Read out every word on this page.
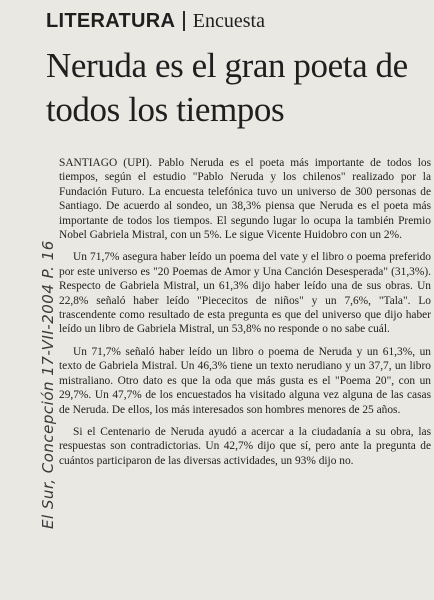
LITERATURA Encuesta
Neruda es el gran poeta de todos los tiempos

SANTIAGO (UPI). Pablo Neruda es el poeta más importante de todos los tiempos, según el estudio "Pablo Neruda y los chilenos" realizado por la Fundación Futuro. La encuesta telefónica tuvo un universo de 300 personas de Santiago. De acuerdo al sondeo, un 38,3% piensa que Neruda es el poeta más importante de todos los tiempos. El segundo lugar lo ocupa la también Premio Nobel Gabriela Mistral, con un 5%. Le sigue Vicente Huidobro con un 2%.

Un 71,7% asegura haber leído un poema del vate y el libro o poema preferido por este universo es "20 Poemas de Amor y Una Canción Desesperada" (31,3%). Respecto de Gabriela Mistral, un 61,3% dijo haber leído una de sus obras. Un 22,8% señaló haber leído "Piececitos de niños" y un 7,6%, "Tala". Lo trascendente como resultado de esta pregunta es que del universo que dijo haber leído un libro de Gabriela Mistral, un 53,8% no responde o no sabe cuál.

Un 71,7% señaló haber leído un libro o poema de Neruda y un 61,3%, un texto de Gabriela Mistral. Un 46,3% tiene un texto nerudiano y un 37,7, un libro mistraliano. Otro dato es que la oda que más gusta es el "Poema 20", con un 29,7%. Un 47,7% de los encuestados ha visitado alguna vez alguna de las casas de Neruda. De ellos, los más interesados son hombres menores de 25 años.

Si el Centenario de Neruda ayudó a acercar a la ciudadanía a su obra, las respuestas son contradictorias. Un 42,7% dijo que sí, pero ante la pregunta de cuántos participaron de las diversas actividades, un 93% dijo no.

El Sur, Concepción 17-VII-2004 P. 16
